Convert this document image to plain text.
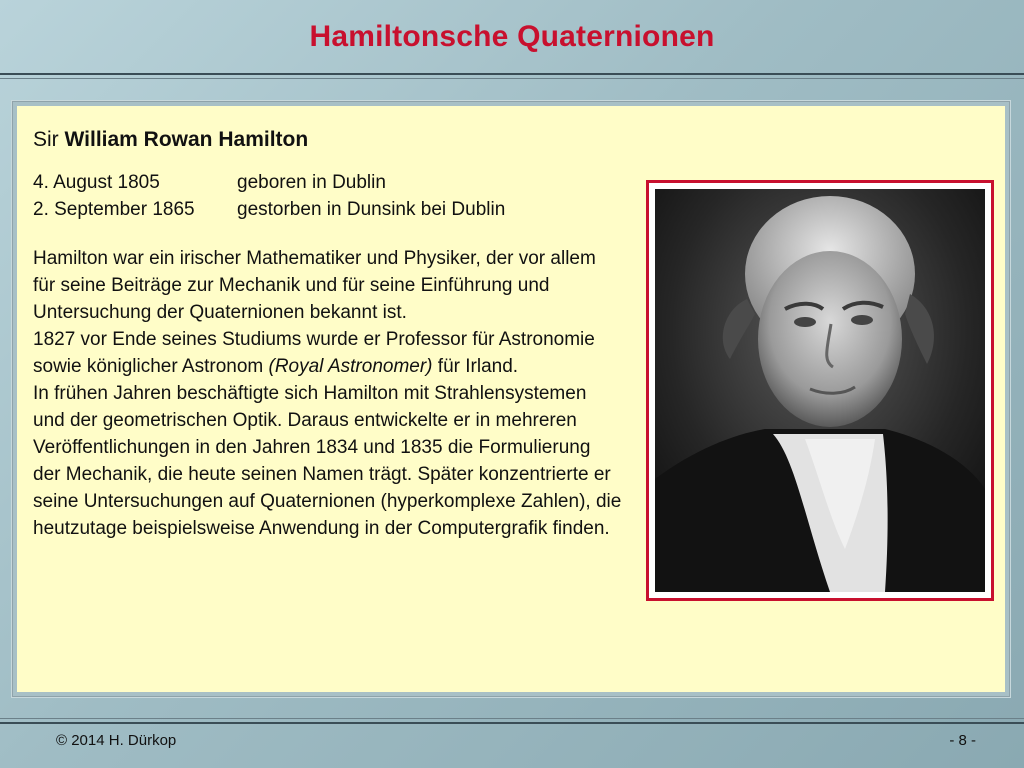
Hamiltonsche Quaternionen

Sir William Rowan Hamilton

4. August 1805	geboren in Dublin
2. September 1865	gestorben in Dunsink bei Dublin

Hamilton war ein irischer Mathematiker und Physiker, der vor allem für seine Beiträge zur Mechanik und für seine Einführung und Untersuchung der Quaternionen bekannt ist.

1827 vor Ende seines Studiums wurde er Professor für Astronomie sowie königlicher Astronom (Royal Astronomer) für Irland.

In frühen Jahren beschäftigte sich Hamilton mit Strahlensystemen und der geometrischen Optik. Daraus entwickelte er in mehreren Veröffentlichungen in den Jahren 1834 und 1835 die Formulierung der Mechanik, die heute seinen Namen trägt. Später konzentrierte er seine Untersuchungen auf Quaternionen (hyperkomplexe Zahlen), die heutzutage beispielsweise Anwendung in der Computergrafik finden.

© 2014 H. Dürkop	- 8 -
